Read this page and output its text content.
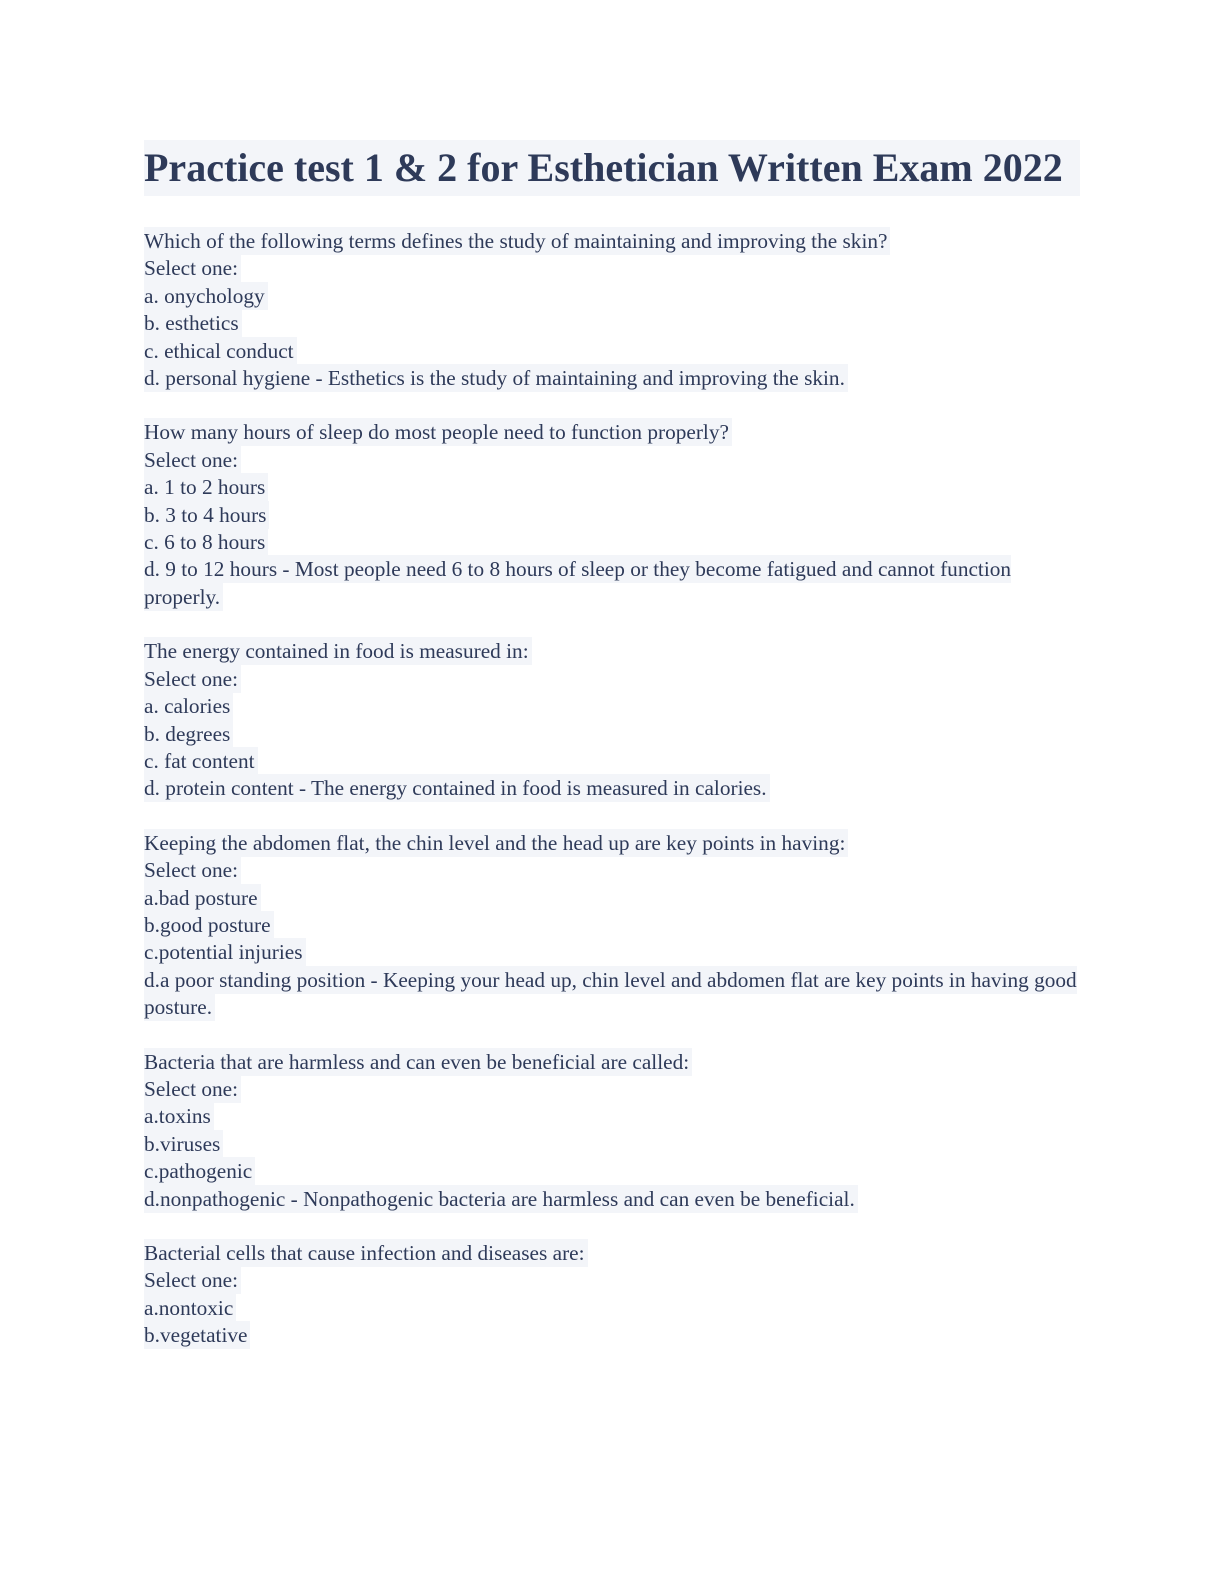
Practice test 1 & 2 for Esthetician Written Exam 2022
Which of the following terms defines the study of maintaining and improving the skin?
Select one:
a. onychology
b. esthetics
c. ethical conduct
d. personal hygiene - Esthetics is the study of maintaining and improving the skin.

How many hours of sleep do most people need to function properly?
Select one:
a. 1 to 2 hours
b. 3 to 4 hours
c. 6 to 8 hours
d. 9 to 12 hours - Most people need 6 to 8 hours of sleep or they become fatigued and cannot function properly.

The energy contained in food is measured in:
Select one:
a. calories
b. degrees
c. fat content
d. protein content - The energy contained in food is measured in calories.

Keeping the abdomen flat, the chin level and the head up are key points in having:
Select one:
a.bad posture
b.good posture
c.potential injuries
d.a poor standing position - Keeping your head up, chin level and abdomen flat are key points in having good posture.

Bacteria that are harmless and can even be beneficial are called:
Select one:
a.toxins
b.viruses
c.pathogenic
d.nonpathogenic - Nonpathogenic bacteria are harmless and can even be beneficial.

Bacterial cells that cause infection and diseases are:
Select one:
a.nontoxic
b.vegetative
